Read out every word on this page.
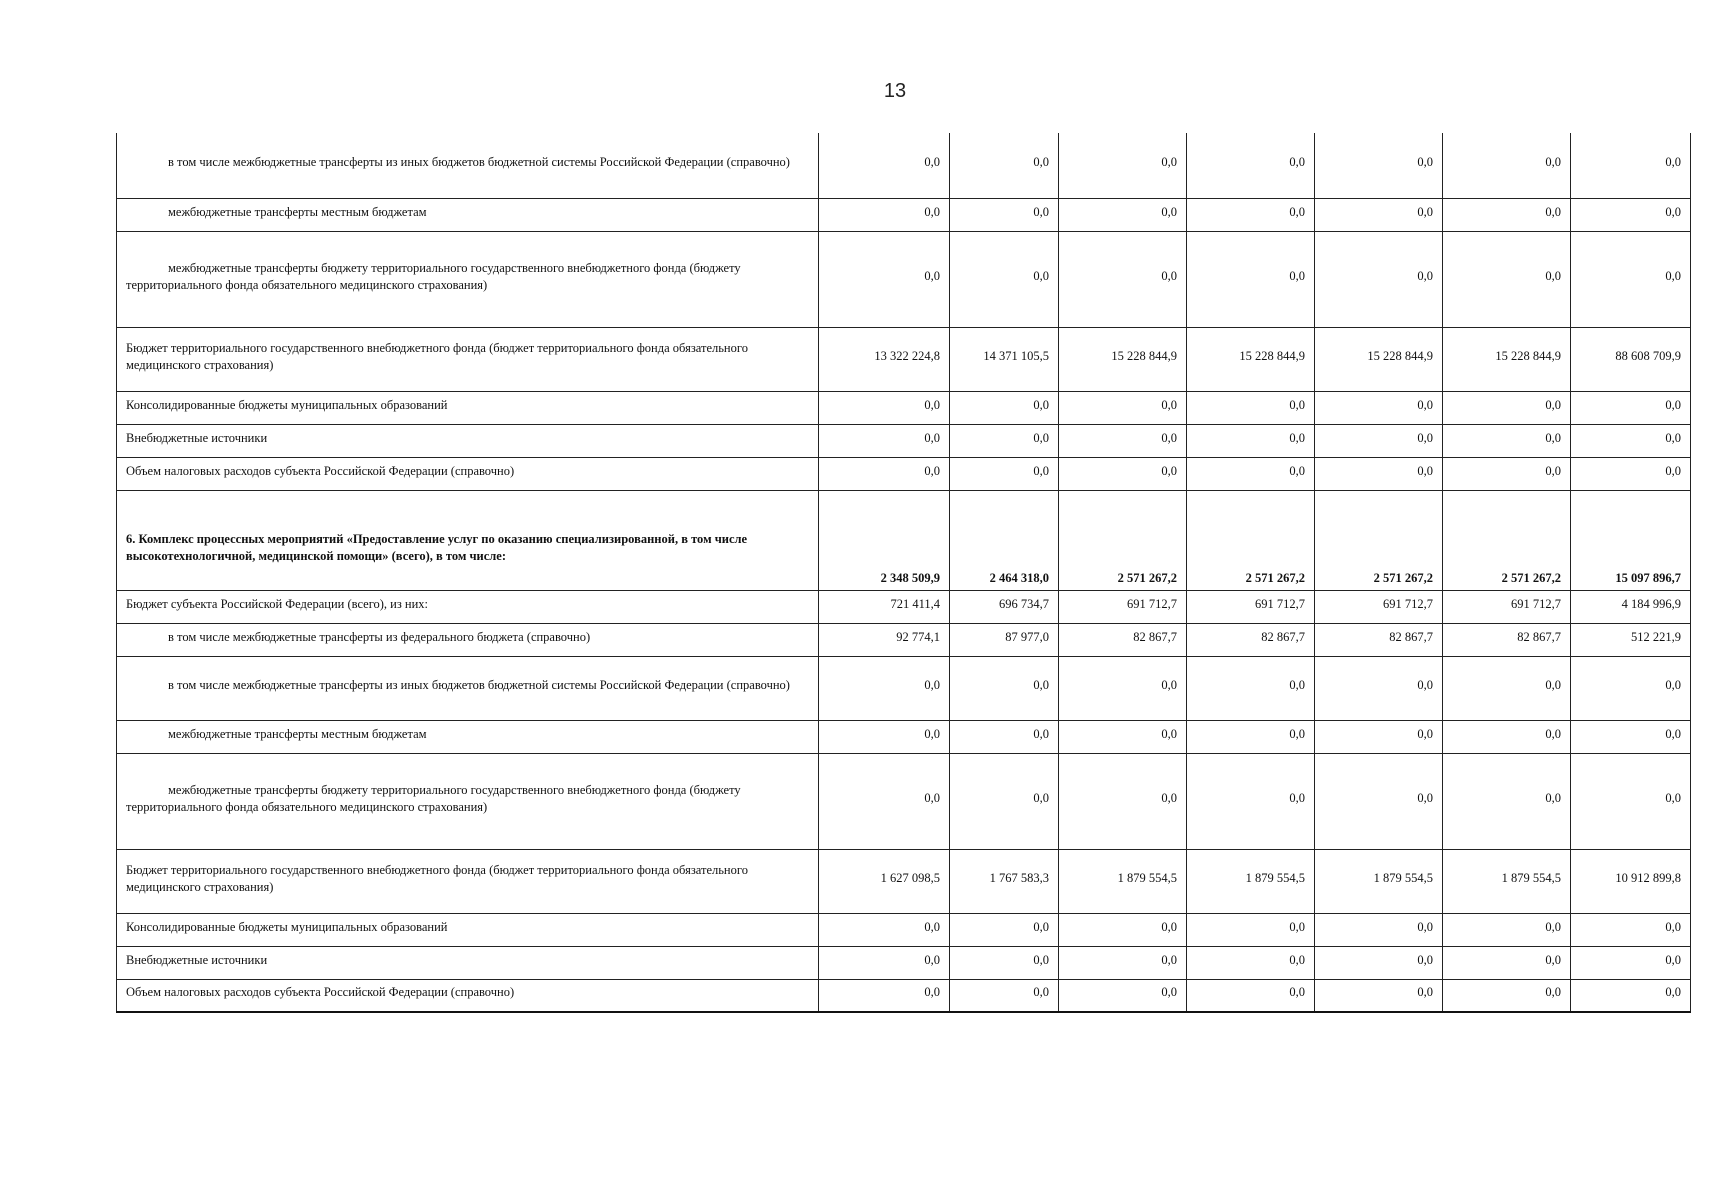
13
в том числе межбюджетные трансферты из иных бюджетов бюджетной системы Российской Федерации (справочно)	0,0	0,0	0,0	0,0	0,0	0,0	0,0
межбюджетные трансферты местным бюджетам	0,0	0,0	0,0	0,0	0,0	0,0	0,0
межбюджетные трансферты бюджету территориального государственного внебюджетного фонда (бюджету территориального фонда обязательного медицинского страхования)	0,0	0,0	0,0	0,0	0,0	0,0	0,0
Бюджет территориального государственного внебюджетного фонда (бюджет территориального фонда обязательного медицинского страхования)	13 322 224,8	14 371 105,5	15 228 844,9	15 228 844,9	15 228 844,9	15 228 844,9	88 608 709,9
Консолидированные бюджеты муниципальных образований	0,0	0,0	0,0	0,0	0,0	0,0	0,0
Внебюджетные источники	0,0	0,0	0,0	0,0	0,0	0,0	0,0
Объем налоговых расходов субъекта Российской Федерации (справочно)	0,0	0,0	0,0	0,0	0,0	0,0	0,0
6. Комплекс процессных мероприятий «Предоставление услуг по оказанию специализированной, в том числе высокотехнологичной, медицинской помощи» (всего), в том числе:	2 348 509,9	2 464 318,0	2 571 267,2	2 571 267,2	2 571 267,2	2 571 267,2	15 097 896,7
Бюджет субъекта Российской Федерации (всего), из них:	721 411,4	696 734,7	691 712,7	691 712,7	691 712,7	691 712,7	4 184 996,9
в том числе межбюджетные трансферты из федерального бюджета (справочно)	92 774,1	87 977,0	82 867,7	82 867,7	82 867,7	82 867,7	512 221,9
в том числе межбюджетные трансферты из иных бюджетов бюджетной системы Российской Федерации (справочно)	0,0	0,0	0,0	0,0	0,0	0,0	0,0
межбюджетные трансферты местным бюджетам	0,0	0,0	0,0	0,0	0,0	0,0	0,0
межбюджетные трансферты бюджету территориального государственного внебюджетного фонда (бюджету территориального фонда обязательного медицинского страхования)	0,0	0,0	0,0	0,0	0,0	0,0	0,0
Бюджет территориального государственного внебюджетного фонда (бюджет территориального фонда обязательного медицинского страхования)	1 627 098,5	1 767 583,3	1 879 554,5	1 879 554,5	1 879 554,5	1 879 554,5	10 912 899,8
Консолидированные бюджеты муниципальных образований	0,0	0,0	0,0	0,0	0,0	0,0	0,0
Внебюджетные источники	0,0	0,0	0,0	0,0	0,0	0,0	0,0
Объем налоговых расходов субъекта Российской Федерации (справочно)	0,0	0,0	0,0	0,0	0,0	0,0	0,0
